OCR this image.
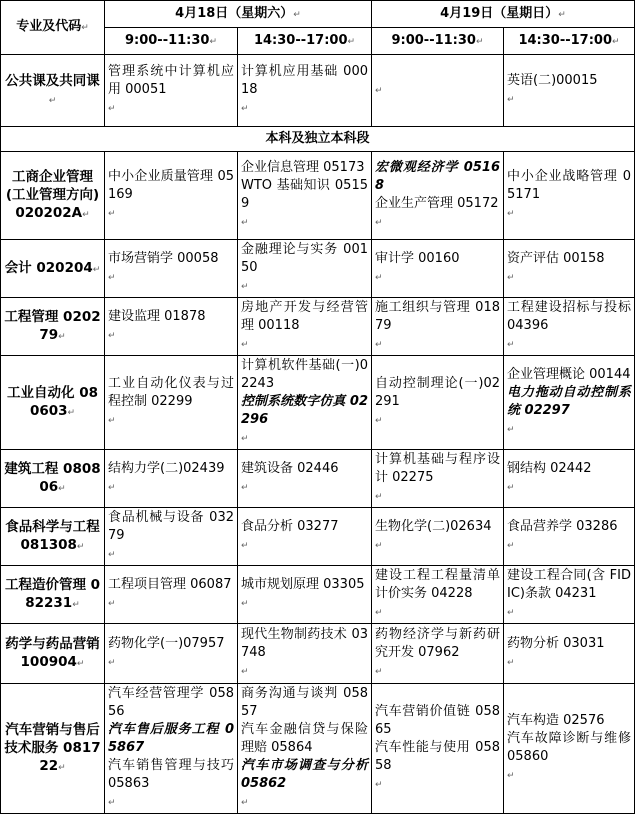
专业及代码↵	4月18日（星期六）↵		4月19日（星期日）↵	
	9:00--11:30↵	14:30--17:00↵	9:00--11:30↵	14:30--17:00↵
公共课及共同课↵	管理系统中计算机应用 00051
↵	计算机应用基础 00018
↵	↵	英语(二)00015
↵
本科及独立本科段				
工商企业管理(工业管理方向) 020202A↵	中小企业质量管理 05169
↵	企业信息管理 05173
WTO 基础知识 05159
↵	宏微观经济学 05168
企业生产管理 05172
↵	中小企业战略管理 05171
↵
会计 020204↵	市场营销学 00058
↵	金融理论与实务 00150
↵	审计学 00160
↵	资产评估 00158
↵
工程管理 020279↵	建设监理 01878
↵	房地产开发与经营管理 00118
↵	施工组织与管理 01879
↵	工程建设招标与投标 04396
↵
工业自动化 080603↵	工业自动化仪表与过程控制 02299
↵	计算机软件基础(一)02243
控制系统数字仿真 02296
↵	自动控制理论(一)02291
↵	企业管理概论 00144
电力拖动自动控制系统 02297
↵
建筑工程 080806↵	结构力学(二)02439
↵	建筑设备 02446
↵	计算机基础与程序设计 02275
↵	钢结构 02442
↵
食品科学与工程 081308↵	食品机械与设备 03279
↵	食品分析 03277
↵	生物化学(二)02634
↵	食品营养学 03286
↵
工程造价管理 082231↵	工程项目管理 06087
↵	城市规划原理 03305
↵	建设工程工程量清单计价实务 04228
↵	建设工程合同(含 FIDIC)条款 04231
↵
药学与药品营销 100904↵	药物化学(一)07957
↵	现代生物制药技术 03748
↵	药物经济学与新药研究开发 07962
↵	药物分析 03031
↵
汽车营销与售后技术服务 081722↵	汽车经营管理学 05856
汽车售后服务工程 05867
汽车销售管理与技巧 05863
↵	商务沟通与谈判 05857
汽车金融信贷与保险理赔 05864
汽车市场调查与分析 05862
↵	汽车营销价值链 05865
汽车性能与使用 05858
↵	汽车构造 02576
汽车故障诊断与维修 05860
↵
